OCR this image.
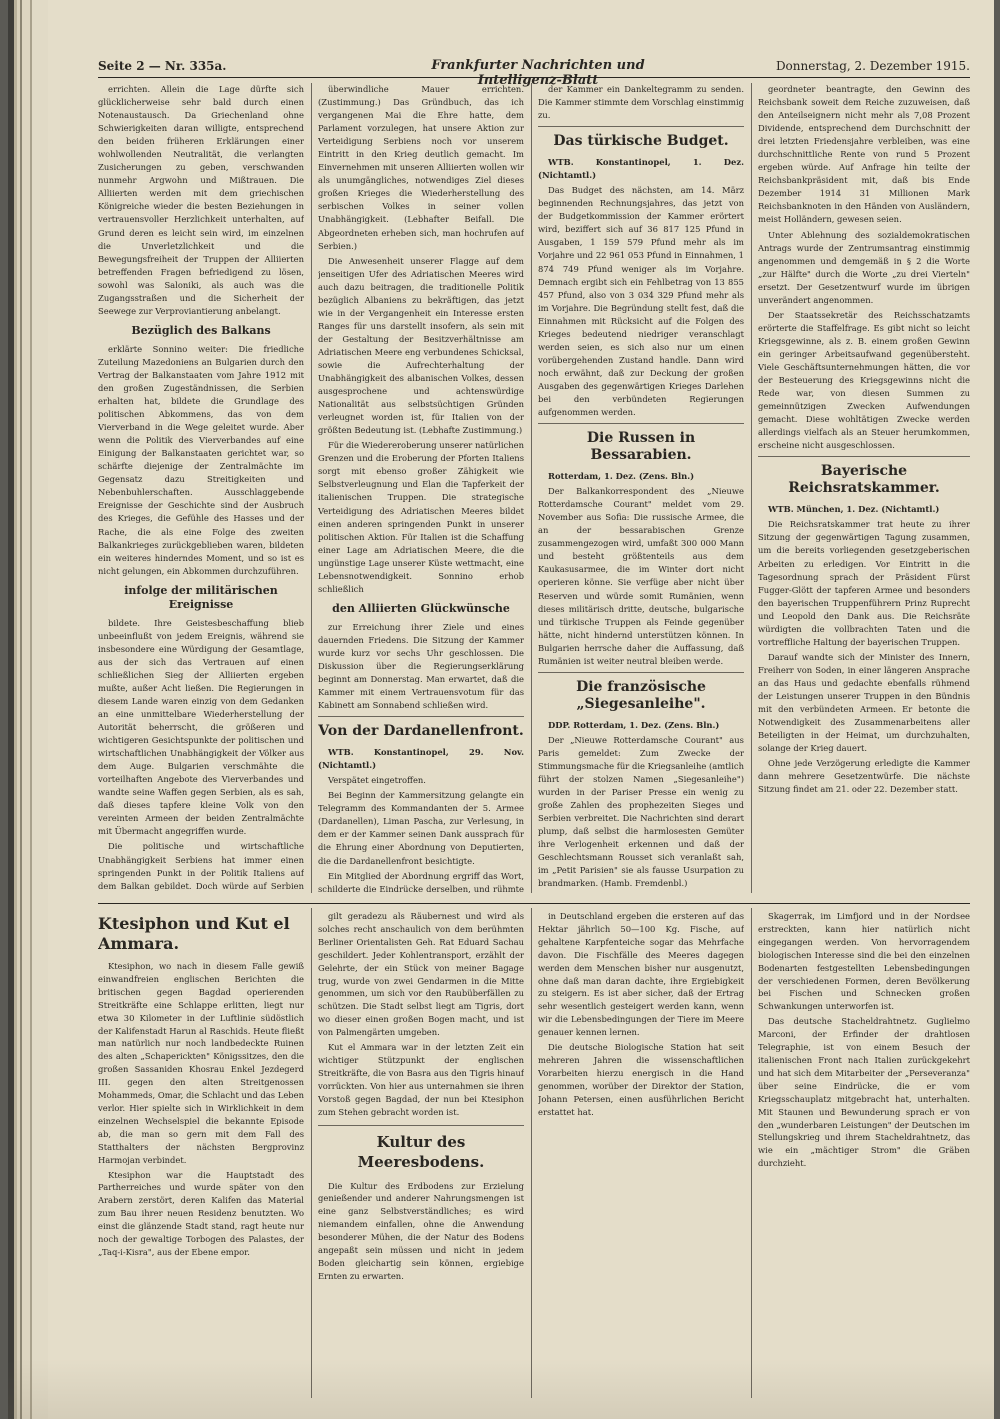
Seite 2 — Nr. 335a.	Frankfurter Nachrichten und Intelligenz-Blatt
Donnerstag, 2. Dezember 1915.

errichten. Allein die Lage dürfte sich glücklicherweise sehr bald durch einen Notenaustausch. Da Griechenland ohne Schwierigkeiten daran willigte, entsprechend den beiden früheren Erklärungen einer wohlwollenden Neutralität, die verlangten Zusicherungen zu geben, verschwanden nunmehr Argwohn und Mißtrauen. Die Alliierten werden mit dem griechischen Königreiche wieder die besten Beziehungen in vertrauensvoller Herzlichkeit unterhalten, auf Grund deren es leicht sein wird, im einzelnen die Unverletzlichkeit und die Bewegungsfreiheit der Truppen der Alliierten betreffenden Fragen befriedigend zu lösen, sowohl was Saloniki, als auch was die Zugangsstraßen und die Sicherheit der Seewege zur Verproviantierung anbelangt.

Bezüglich des Balkans

erklärte Sonnino weiter: Die friedliche Zuteilung Mazedoniens an Bulgarien durch den Vertrag der Balkanstaaten vom Jahre 1912 mit den großen Zugeständnissen, die Serbien erhalten hat, bildete die Grundlage des politischen Abkommens, das von dem Vierverband in die Wege geleitet wurde. Aber wenn die Politik des Vierverbandes auf eine Einigung der Balkanstaaten gerichtet war, so schärfte diejenige der Zentralmächte im Gegensatz dazu Streitigkeiten und Nebenbuhlerschaften. Ausschlaggebende Ereignisse der Geschichte sind der Ausbruch des Krieges, die Gefühle des Hasses und der Rache, die als eine Folge des zweiten Balkankrieges zurückgeblieben waren, bildeten ein weiteres hinderndes Moment, und so ist es nicht gelungen, ein Abkommen durchzuführen.

infolge der militärischen Ereignisse

bildete. Ihre Geistesbeschaffung blieb unbeeinflußt von jedem Ereignis, während sie insbesondere eine Würdigung der Gesamtlage, aus der sich das Vertrauen auf einen schließlichen Sieg der Alliierten ergeben mußte, außer Acht ließen. Die Regierungen in diesem Lande waren einzig von dem Gedanken an eine unmittelbare Wiederherstellung der Autorität beherrscht, die größeren und wichtigeren Gesichtspunkte der politischen und wirtschaftlichen Unabhängigkeit der Völker aus dem Auge. Bulgarien verschmähte die vorteilhaften Angebote des Vierverbandes und wandte seine Waffen gegen Serbien, als es sah, daß dieses tapfere kleine Volk von den vereinten Armeen der beiden Zentralmächte mit Übermacht angegriffen wurde.

Die politische und wirtschaftliche Unabhängigkeit Serbiens hat immer einen springenden Punkt in der Politik Italiens auf dem Balkan gebildet. Doch würde auf Serbien

überwindliche Mauer errichten. (Zustimmung.) Das Gründbuch, das ich vergangenen Mai die Ehre hatte, dem Parlament vorzulegen, hat unsere Aktion zur Verteidigung Serbiens noch vor unserem Eintritt in den Krieg deutlich gemacht. Im Einvernehmen mit unseren Alliierten wollen wir als unumgängliches, notwendiges Ziel dieses großen Krieges die Wiederherstellung des serbischen Volkes in seiner vollen Unabhängigkeit. (Lebhafter Beifall. Die Abgeordneten erheben sich, man hochrufen auf Serbien.)

Die Anwesenheit unserer Flagge auf dem jenseitigen Ufer des Adriatischen Meeres wird auch dazu beitragen, die traditionelle Politik bezüglich Albaniens zu bekräftigen, das jetzt wie in der Vergangenheit ein Interesse ersten Ranges für uns darstellt insofern, als sein mit der Gestaltung der Besitzverhältnisse am Adriatischen Meere eng verbundenes Schicksal, sowie die Aufrechterhaltung der Unabhängigkeit des albanischen Volkes, dessen ausgesprochene und achtenswürdige Nationalität aus selbstsüchtigen Gründen verleugnet worden ist, für Italien von der größten Bedeutung ist. (Lebhafte Zustimmung.)

Für die Wiedereroberung unserer natürlichen Grenzen und die Eroberung der Pforten Italiens sorgt mit ebenso großer Zähigkeit wie Selbstverleugnung und Elan die Tapferkeit der italienischen Truppen. Die strategische Verteidigung des Adriatischen Meeres bildet einen anderen springenden Punkt in unserer politischen Aktion. Für Italien ist die Schaffung einer Lage am Adriatischen Meere, die die ungünstige Lage unserer Küste wettmacht, eine Lebensnotwendigkeit. Sonnino erhob schließlich

den Alliierten Glückwünsche

zur Erreichung ihrer Ziele und eines dauernden Friedens. Die Sitzung der Kammer wurde kurz vor sechs Uhr geschlossen. Die Diskussion über die Regierungserklärung beginnt am Donnerstag. Man erwartet, daß die Kammer mit einem Vertrauensvotum für das Kabinett am Sonnabend schließen wird.

Von der Dardanellenfront.

WTB. Konstantinopel, 29. Nov. (Nichtamtl.)

Verspätet eingetroffen.

Bei Beginn der Kammersitzung gelangte ein Telegramm des Kommandanten der 5. Armee (Dardanellen), Liman Pascha, zur Verlesung, in dem er der Kammer seinen Dank aussprach für die Ehrung einer Abordnung von Deputierten, die die Dardanellenfront besichtigte.

Ein Mitglied der Abordnung ergriff das Wort, schilderte die Eindrücke derselben, und rühmte

der Kammer ein Dankeltegramm zu senden. Die Kammer stimmte dem Vorschlag einstimmig zu.

Das türkische Budget.

WTB. Konstantinopel, 1. Dez. (Nichtamtl.)

Das Budget des nächsten, am 14. März beginnenden Rechnungsjahres, das jetzt von der Budgetkommission der Kammer erörtert wird, beziffert sich auf 36 817 125 Pfund in Ausgaben, 1 159 579 Pfund mehr als im Vorjahre und 22 961 053 Pfund in Einnahmen, 1 874 749 Pfund weniger als im Vorjahre. Demnach ergibt sich ein Fehlbetrag von 13 855 457 Pfund, also von 3 034 329 Pfund mehr als im Vorjahre. Die Begründung stellt fest, daß die Einnahmen mit Rücksicht auf die Folgen des Krieges bedeutend niedriger veranschlagt werden seien, es sich also nur um einen vorübergehenden Zustand handle. Dann wird noch erwähnt, daß zur Deckung der großen Ausgaben des gegenwärtigen Krieges Darlehen bei den verbündeten Regierungen aufgenommen werden.

Die Russen in Bessarabien.

Rotterdam, 1. Dez. (Zens. Bln.)

Der Balkankorrespondent des „Nieuwe Rotterdamsche Courant" meldet vom 29. November aus Sofia: Die russische Armee, die an der bessarabischen Grenze zusammengezogen wird, umfaßt 300 000 Mann und besteht größtenteils aus dem Kaukasusarmee, die im Winter dort nicht operieren könne. Sie verfüge aber nicht über Reserven und würde somit Rumänien, wenn dieses militärisch dritte, deutsche, bulgarische und türkische Truppen als Feinde gegenüber hätte, nicht hindernd unterstützen können. In Bulgarien herrsche daher die Auffassung, daß Rumänien ist weiter neutral bleiben werde.

Die französische „Siegesanleihe".

DDP. Rotterdam, 1. Dez. (Zens. Bln.)

Der „Nieuwe Rotterdamsche Courant" aus Paris gemeldet: Zum Zwecke der Stimmungsmache für die Kriegsanleihe (amtlich führt der stolzen Namen „Siegesanleihe") wurden in der Pariser Presse ein wenig zu große Zahlen des prophezeiten Sieges und Serbien verbreitet. Die Nachrichten sind derart plump, daß selbst die harmlosesten Gemüter ihre Verlogenheit erkennen und daß der Geschlechtsmann Rousset sich veranlaßt sah, im „Petit Parisien" sie als fausse Usurpation zu brandmarken. (Hamb. Fremdenbl.)

geordneter beantragte, den Gewinn des Reichsbank soweit dem Reiche zuzuweisen, daß den Anteilseignern nicht mehr als 7,08 Prozent Dividende, entsprechend dem Durchschnitt der drei letzten Friedensjahre verbleiben, was eine durchschnittliche Rente von rund 5 Prozent ergeben würde. Auf Anfrage hin teilte der Reichsbankpräsident mit, daß bis Ende Dezember 1914 31 Millionen Mark Reichsbanknoten in den Händen von Ausländern, meist Holländern, gewesen seien.

Unter Ablehnung des sozialdemokratischen Antrags wurde der Zentrumsantrag einstimmig angenommen und demgemäß in § 2 die Worte „zur Hälfte" durch die Worte „zu drei Vierteln" ersetzt. Der Gesetzentwurf wurde im übrigen unverändert angenommen.

Der Staatssekretär des Reichsschatzamts erörterte die Staffelfrage. Es gibt nicht so leicht Kriegsgewinne, als z. B. einem großen Gewinn ein geringer Arbeitsaufwand gegenübersteht. Viele Geschäftsunternehmungen hätten, die vor der Besteuerung des Kriegsgewinns nicht die Rede war, von diesen Summen zu gemeinnützigen Zwecken Aufwendungen gemacht. Diese wohltätigen Zwecke werden allerdings vielfach als an Steuer herumkommen, erscheine nicht ausgeschlossen.

Bayerische Reichsratskammer.

WTB. München, 1. Dez. (Nichtamtl.)

Die Reichsratskammer trat heute zu ihrer Sitzung der gegenwärtigen Tagung zusammen, um die bereits vorliegenden gesetzgeberischen Arbeiten zu erledigen. Vor Eintritt in die Tagesordnung sprach der Präsident Fürst Fugger-Glött der tapferen Armee und besonders den bayerischen Truppenführern Prinz Ruprecht und Leopold den Dank aus. Die Reichsräte würdigten die vollbrachten Taten und die vortreffliche Haltung der bayerischen Truppen.

Darauf wandte sich der Minister des Innern, Freiherr von Soden, in einer längeren Ansprache an das Haus und gedachte ebenfalls rühmend der Leistungen unserer Truppen in den Bündnis mit den verbündeten Armeen. Er betonte die Notwendigkeit des Zusammenarbeitens aller Beteiligten in der Heimat, um durchzuhalten, solange der Krieg dauert.

Ohne jede Verzögerung erledigte die Kammer dann mehrere Gesetzentwürfe. Die nächste Sitzung findet am 21. oder 22. Dezember statt.

Ktesiphon und Kut el Ammara.

Ktesiphon, wo nach in diesem Falle gewiß einwandfreien englischen Berichten die britischen gegen Bagdad operierenden Streitkräfte eine Schlappe erlitten, liegt nur etwa 30 Kilometer in der Luftlinie südöstlich der Kalifenstadt Harun al Raschids. Heute fließt man natürlich nur noch landbedeckte Ruinen des alten „Schaperickten" Königssitzes, den die großen Sassaniden Khosrau Enkel Jezdegerd III. gegen den alten Streitgenossen Mohammeds, Omar, die Schlacht und das Leben verlor. Hier spielte sich in Wirklichkeit in dem einzelnen Wechselspiel die bekannte Episode ab, die man so gern mit dem Fall des Statthalters der nächsten Bergprovinz Harmojan verbindet.

Ktesiphon war die Hauptstadt des Partherreiches und wurde später von den Arabern zerstört, deren Kalifen das Material zum Bau ihrer neuen Residenz benutzten. Wo einst die glänzende Stadt stand, ragt heute nur noch der gewaltige Torbogen des Palastes, der „Taq-i-Kisra", aus der Ebene empor.

gilt geradezu als Räubernest und wird als solches recht anschaulich von dem berühmten Berliner Orientalisten Geh. Rat Eduard Sachau geschildert. Jeder Kohlentransport, erzählt der Gelehrte, der ein Stück von meiner Bagage trug, wurde von zwei Gendarmen in die Mitte genommen, um sich vor den Raubüberfällen zu schützen. Die Stadt selbst liegt am Tigris, dort wo dieser einen großen Bogen macht, und ist von Palmengärten umgeben.

Kut el Ammara war in der letzten Zeit ein wichtiger Stützpunkt der englischen Streitkräfte, die von Basra aus den Tigris hinauf vorrückten. Von hier aus unternahmen sie ihren Vorstoß gegen Bagdad, der nun bei Ktesiphon zum Stehen gebracht worden ist.

Kultur des Meeresbodens.

Die Kultur des Erdbodens zur Erzielung genießender und anderer Nahrungsmengen ist eine ganz Selbstverständliches; es wird niemandem einfallen, ohne die Anwendung besonderer Mühen, die der Natur des Bodens angepaßt sein müssen und nicht in jedem Boden gleichartig sein können, ergiebige Ernten zu erwarten.

in Deutschland ergeben die ersteren auf das Hektar jährlich 50—100 Kg. Fische, auf gehaltene Karpfenteiche sogar das Mehrfache davon. Die Fischfälle des Meeres dagegen werden dem Menschen bisher nur ausgenutzt, ohne daß man daran dachte, ihre Ergiebigkeit zu steigern. Es ist aber sicher, daß der Ertrag sehr wesentlich gesteigert werden kann, wenn wir die Lebensbedingungen der Tiere im Meere genauer kennen lernen.

Die deutsche Biologische Station hat seit mehreren Jahren die wissenschaftlichen Vorarbeiten hierzu energisch in die Hand genommen, worüber der Direktor der Station, Johann Petersen, einen ausführlichen Bericht erstattet hat.

Skagerrak, im Limfjord und in der Nordsee erstreckten, kann hier natürlich nicht eingegangen werden. Von hervorragendem biologischen Interesse sind die bei den einzelnen Bodenarten festgestellten Lebensbedingungen der verschiedenen Formen, deren Bevölkerung bei Fischen und Schnecken großen Schwankungen unterworfen ist.

Das deutsche Stacheldrahtnetz. Guglielmo Marconi, der Erfinder der drahtlosen Telegraphie, ist von einem Besuch der italienischen Front nach Italien zurückgekehrt und hat sich dem Mitarbeiter der „Perseveranza" über seine Eindrücke, die er vom Kriegsschauplatz mitgebracht hat, unterhalten. Mit Staunen und Bewunderung sprach er von den „wunderbaren Leistungen" der Deutschen im Stellungskrieg und ihrem Stacheldrahtnetz, das wie ein „mächtiger Strom" die Gräben durchzieht.
